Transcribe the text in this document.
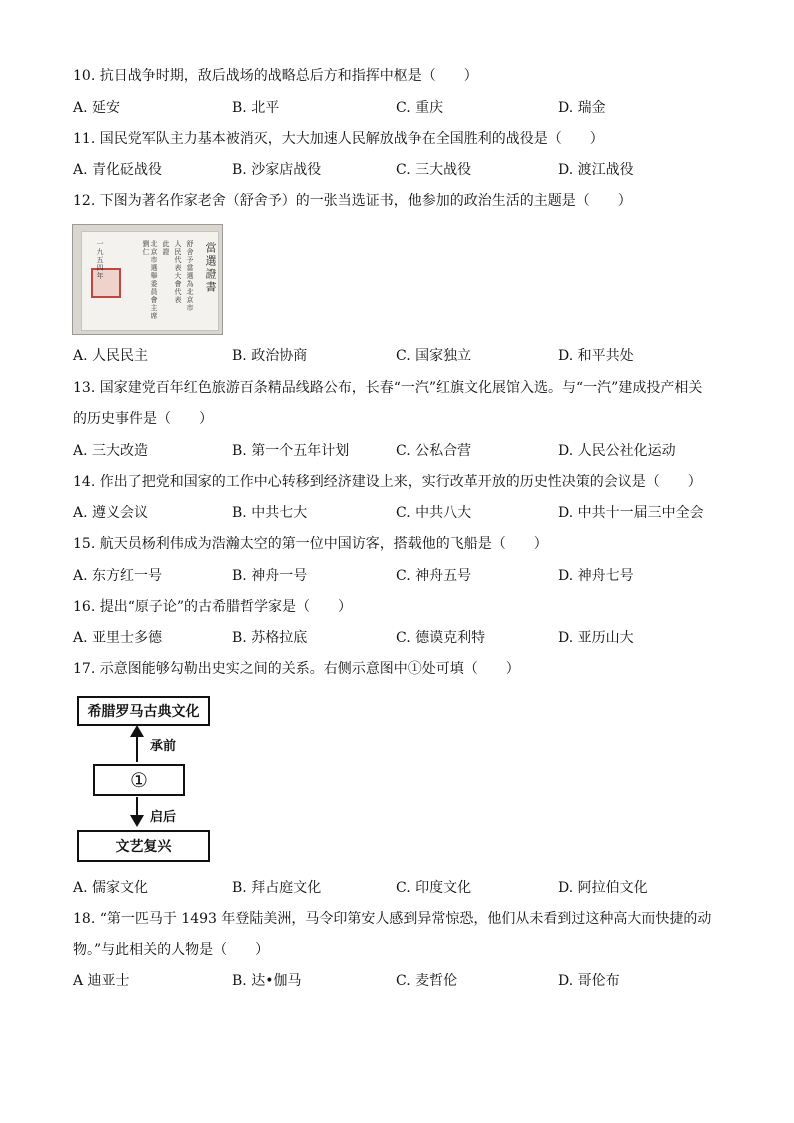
10. 抗日战争时期，敌后战场的战略总后方和指挥中枢是（　　）
A. 延安	B. 北平	C. 重庆	D. 瑞金
11. 国民党军队主力基本被消灭，大大加速人民解放战争在全国胜利的战役是（　　）
A. 青化砭战役	B. 沙家店战役	C. 三大战役	D. 渡江战役
12. 下图为著名作家老舍（舒舍予）的一张当选证书，他参加的政治生活的主题是（　　）
當選證書
舒舍予當選為北京市
人民代表大會代表
此證
北京市選舉委員會主席 劉仁
一九五四年
A. 人民民主	B. 政治协商	C. 国家独立	D. 和平共处
13. 国家建党百年红色旅游百条精品线路公布，长春“一汽”红旗文化展馆入选。与“一汽”建成投产相关
的历史事件是（　　）
A. 三大改造	B. 第一个五年计划	C. 公私合营	D. 人民公社化运动
14. 作出了把党和国家的工作中心转移到经济建设上来，实行改革开放的历史性决策的会议是（　　）
A. 遵义会议	B. 中共七大	C. 中共八大	D. 中共十一届三中全会
15. 航天员杨利伟成为浩瀚太空的第一位中国访客，搭载他的飞船是（　　）
A. 东方红一号	B. 神舟一号	C. 神舟五号	D. 神舟七号
16. 提出“原子论”的古希腊哲学家是（　　）
A. 亚里士多德	B. 苏格拉底	C. 德谟克利特	D. 亚历山大
17. 示意图能够勾勒出史实之间的关系。右侧示意图中①处可填（　　）
希腊罗马古典文化
承前
①
启后
文艺复兴
A. 儒家文化	B. 拜占庭文化	C. 印度文化	D. 阿拉伯文化
18. “第一匹马于 1493 年登陆美洲，马令印第安人感到异常惊恐，他们从未看到过这种高大而快捷的动
物。”与此相关的人物是（　　）
A 迪亚士	B. 达•伽马	C. 麦哲伦	D. 哥伦布
